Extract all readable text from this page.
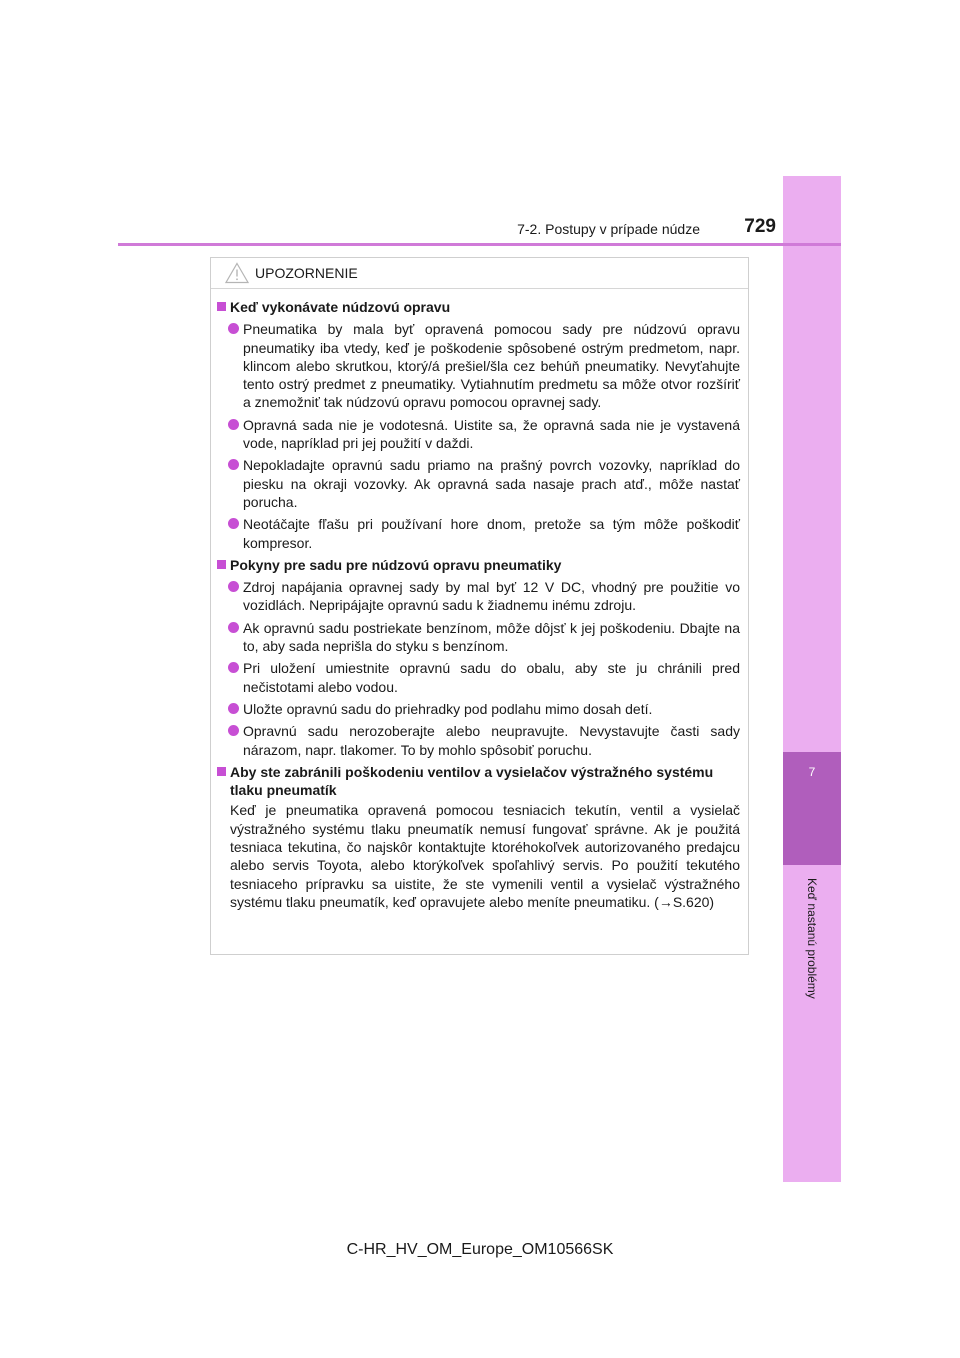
7
Keď nastanú problémy
7-2. Postupy v prípade núdze	729
UPOZORNENIE
Keď vykonávate núdzovú opravu
Pneumatika by mala byť opravená pomocou sady pre núdzovú opravu pneumatiky iba vtedy, keď je poškodenie spôsobené ostrým predmetom, napr. klincom alebo skrutkou, ktorý/á prešiel/šla cez behúň pneumatiky. Nevyťahujte tento ostrý predmet z pneumatiky. Vytiahnutím predmetu sa môže otvor rozšíriť a znemožniť tak núdzovú opravu pomocou opravnej sady.
Opravná sada nie je vodotesná. Uistite sa, že opravná sada nie je vystavená vode, napríklad pri jej použití v daždi.
Nepokladajte opravnú sadu priamo na prašný povrch vozovky, napríklad do piesku na okraji vozovky. Ak opravná sada nasaje prach atď., môže nastať porucha.
Neotáčajte fľašu pri používaní hore dnom, pretože sa tým môže poškodiť kompresor.
Pokyny pre sadu pre núdzovú opravu pneumatiky
Zdroj napájania opravnej sady by mal byť 12 V DC, vhodný pre použitie vo vozidlách. Nepripájajte opravnú sadu k žiadnemu inému zdroju.
Ak opravnú sadu postriekate benzínom, môže dôjsť k jej poškodeniu. Dbajte na to, aby sada neprišla do styku s benzínom.
Pri uložení umiestnite opravnú sadu do obalu, aby ste ju chránili pred nečistotami alebo vodou.
Uložte opravnú sadu do priehradky pod podlahu mimo dosah detí.
Opravnú sadu nerozoberajte alebo neupravujte. Nevystavujte časti sady nárazom, napr. tlakomer. To by mohlo spôsobiť poruchu.
Aby ste zabránili poškodeniu ventilov a vysielačov výstražného systému tlaku pneumatík
Keď je pneumatika opravená pomocou tesniacich tekutín, ventil a vysielač výstražného systému tlaku pneumatík nemusí fungovať správne. Ak je použitá tesniaca tekutina, čo najskôr kontaktujte ktoréhokoľvek autorizovaného predajcu alebo servis Toyota, alebo ktorýkoľvek spoľahlivý servis. Po použití tekutého tesniaceho prípravku sa uistite, že ste vymenili ventil a vysielač výstražného systému tlaku pneumatík, keď opravujete alebo meníte pneumatiku. (→S.620)
C-HR_HV_OM_Europe_OM10566SK
